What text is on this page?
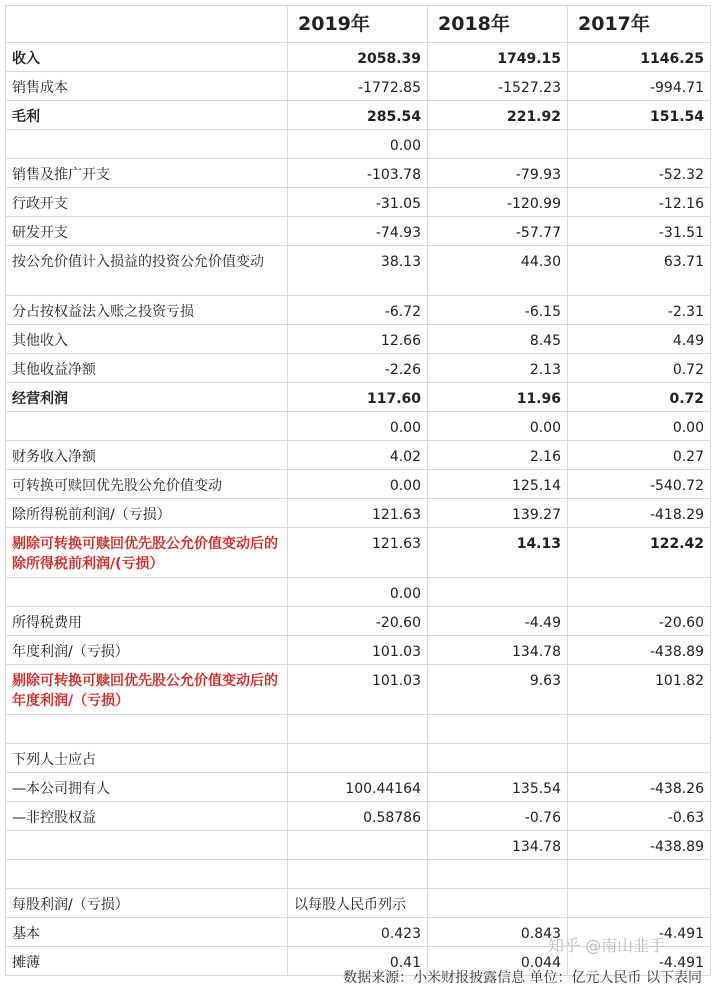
	2019年	2018年	2017年
收入	2058.39	1749.15	1146.25
销售成本	-1772.85	-1527.23	-994.71
毛利	285.54	221.92	151.54
	0.00		
销售及推广开支	-103.78	-79.93	-52.32
行政开支	-31.05	-120.99	-12.16
研发开支	-74.93	-57.77	-31.51
按公允价值计入损益的投资公允价值变动	38.13	44.30	63.71
分占按权益法入账之投资亏损	-6.72	-6.15	-2.31
其他收入	12.66	8.45	4.49
其他收益净额	-2.26	2.13	0.72
经营利润	117.60	11.96	0.72
	0.00	0.00	0.00
财务收入净额	4.02	2.16	0.27
可转换可赎回优先股公允价值变动	0.00	125.14	-540.72
除所得税前利润/（亏损）	121.63	139.27	-418.29
剔除可转换可赎回优先股公允价值变动后的除所得税前利润/(亏损）	121.63	14.13	122.42
	0.00		
所得税费用	-20.60	-4.49	-20.60
年度利润/（亏损）	101.03	134.78	-438.89
剔除可转换可赎回优先股公允价值变动后的年度利润/（亏损）	101.03	9.63	101.82

下列人士应占			
—本公司拥有人	100.44164	135.54	-438.26
—非控股权益	0.58786	-0.76	-0.63
		134.78	-438.89

每股利润/（亏损）	以每股人民币列示		
基本	0.423	0.843	-4.491
摊薄	0.41	0.044	-4.491
知乎 @南山韭手
数据来源：小米财报披露信息 单位：亿元人民币 以下表同
